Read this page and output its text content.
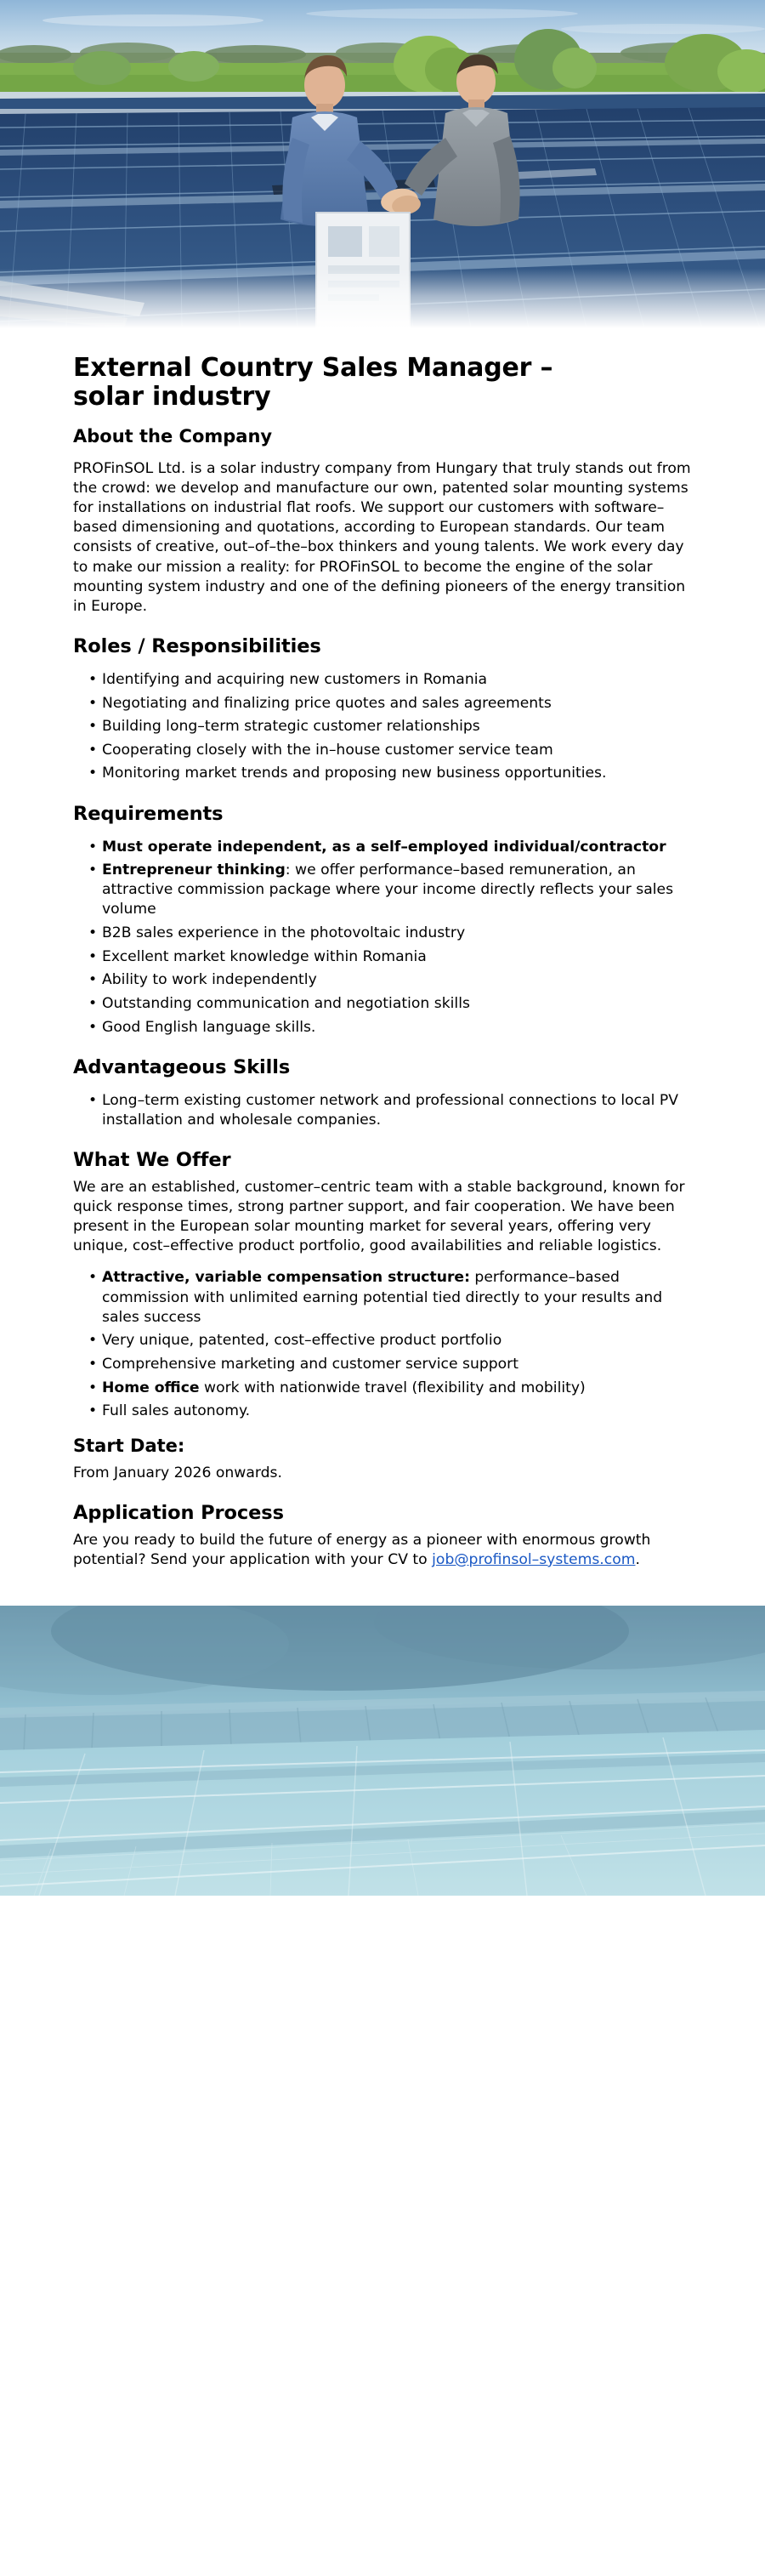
External Country Sales Manager –
solar industry
About the Company

PROFinSOL Ltd. is a solar industry company from Hungary that truly stands out from the crowd: we develop and manufacture our own, patented solar mounting systems for installations on industrial flat roofs. We support our customers with software–based dimensioning and quotations, according to European standards. Our team consists of creative, out–of–the–box thinkers and young talents. We work every day to make our mission a reality: for PROFinSOL to become the engine of the solar mounting system industry and one of the defining pioneers of the energy transition in Europe.

Roles / Responsibilities
• Identifying and acquiring new customers in Romania
• Negotiating and finalizing price quotes and sales agreements
• Building long–term strategic customer relationships
• Cooperating closely with the in–house customer service team
• Monitoring market trends and proposing new business opportunities.
Requirements
• Must operate independent, as a self–employed individual/contractor
• Entrepreneur thinking: we offer performance–based remuneration, an attractive commission package where your income directly reflects your sales volume
• B2B sales experience in the photovoltaic industry
• Excellent market knowledge within Romania
• Ability to work independently
• Outstanding communication and negotiation skills
• Good English language skills.
Advantageous Skills
• Long–term existing customer network and professional connections to local PV installation and wholesale companies.
What We Offer

We are an established, customer–centric team with a stable background, known for quick response times, strong partner support, and fair cooperation. We have been present in the European solar mounting market for several years, offering very unique, cost–effective product portfolio, good availabilities and reliable logistics.

• Attractive, variable compensation structure: performance–based commission with unlimited earning potential tied directly to your results and sales success
• Very unique, patented, cost–effective product portfolio
• Comprehensive marketing and customer service support
• Home office work with nationwide travel (flexibility and mobility)
• Full sales autonomy.
Start Date:

From January 2026 onwards.

Application Process

Are you ready to build the future of energy as a pioneer with enormous growth potential? Send your application with your CV to job@profinsol–systems.com.
